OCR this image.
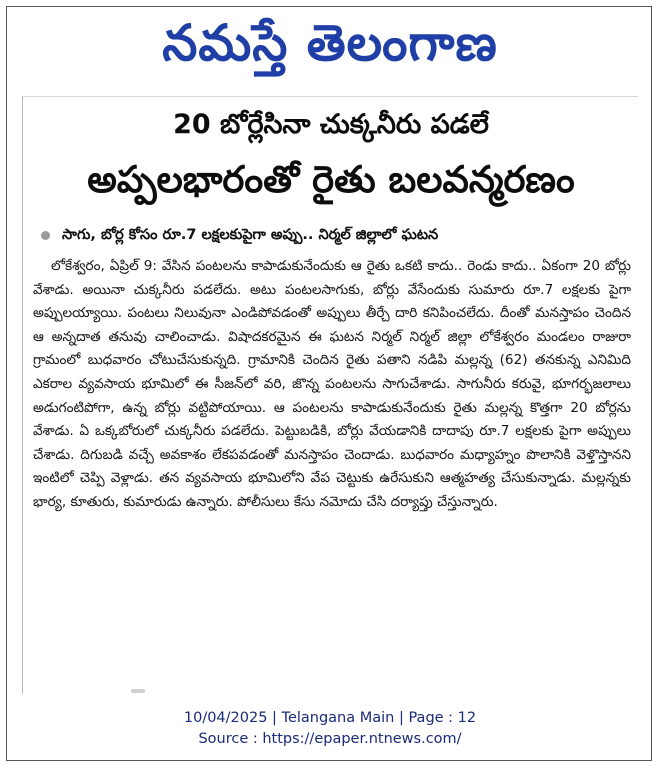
నమస్తే తెలంగాణ
20 బోర్లేసినా చుక్కనీరు పడలే
అప్పలభారంతో రైతు బలవన్మరణం
సాగు, బోర్ల కోసం రూ.7 లక్షలకుపైగా అప్పు.. నిర్మల్ జిల్లాలో ఘటన

లోకేశ్వరం, ఏప్రిల్ 9: వేసిన పంటలను కాపాడుకునేందుకు ఆ రైతు ఒకటి కాదు.. రెండు కాదు.. ఏకంగా 20 బోర్లు వేశాడు. అయినా చుక్కనీరు పడలేదు. అటు పంటలసాగుకు, బోర్లు వేసేందుకు సుమారు రూ.7 లక్షలకు పైగా అప్పులయ్యాయి. పంటలు నిలువునా ఎండిపోవడంతో అప్పులు తీర్చే దారి కనిపించలేదు. దీంతో మనస్తాపం చెందిన ఆ అన్నదాత తనువు చాలించాడు. విషాదకరమైన ఈ ఘటన నిర్మల్ నిర్మల్ జిల్లా లోకేశ్వరం మండలం రాజురా గ్రామంలో బుధవారం చోటుచేసుకున్నది. గ్రామానికి చెందిన రైతు పతాని నడిపి మల్లన్న (62) తనకున్న ఎనిమిది ఎకరాల వ్యవసాయ భూమిలో ఈ సీజన్‌లో వరి, జొన్న పంటలను సాగుచేశాడు. సాగునీరు కరువై, భూగర్భజలాలు అడుగంటిపోగా, ఉన్న బోర్లు వట్టిపోయాయి. ఆ పంటలను కాపాడుకునేందుకు రైతు మల్లన్న కొత్తగా 20 బోర్లను వేశాడు. ఏ ఒక్కబోరులో చుక్కనీరు పడలేదు. పెట్టుబడికి, బోర్లు వేయడానికి దాదాపు రూ.7 లక్షలకు పైగా అప్పులు చేశాడు. దిగుబడి వచ్చే అవకాశం లేకపవడంతో మనస్తాపం చెందాడు. బుధవారం మధ్యాహ్నం పొలానికి వెళ్తొస్తానని ఇంటిలో చెప్పి వెళ్లాడు. తన వ్యవసాయ భూమిలోని వేప చెట్టుకు ఉరేసుకుని ఆత్మహత్య చేసుకున్నాడు. మల్లన్నకు భార్య, కూతురు, కుమారుడు ఉన్నారు. పోలీసులు కేసు నమోదు చేసి దర్యాప్తు చేస్తున్నారు.

10/04/2025 | Telangana Main | Page : 12
Source : https://epaper.ntnews.com/
